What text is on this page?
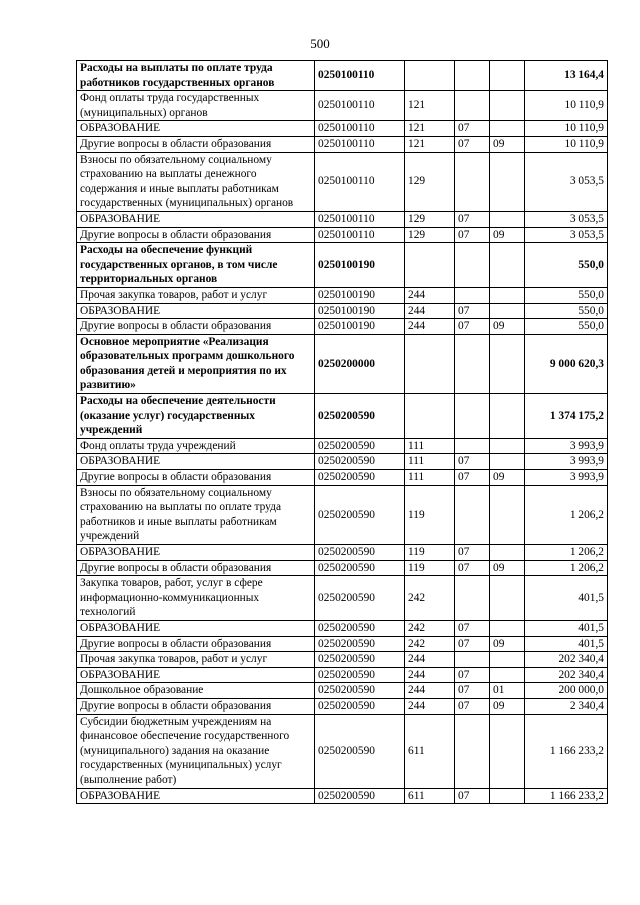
500
Расходы на выплаты по оплате труда работников государственных органов	0250100110				13 164,4
Фонд оплаты труда государственных (муниципальных) органов	0250100110	121			10 110,9
ОБРАЗОВАНИЕ	0250100110	121	07		10 110,9
Другие вопросы в области образования	0250100110	121	07	09	10 110,9
Взносы по обязательному социальному страхованию на выплаты денежного содержания и иные выплаты работникам государственных (муниципальных) органов	0250100110	129			3 053,5
ОБРАЗОВАНИЕ	0250100110	129	07		3 053,5
Другие вопросы в области образования	0250100110	129	07	09	3 053,5
Расходы на обеспечение функций государственных органов, в том числе территориальных органов	0250100190				550,0
Прочая закупка товаров, работ и услуг	0250100190	244			550,0
ОБРАЗОВАНИЕ	0250100190	244	07		550,0
Другие вопросы в области образования	0250100190	244	07	09	550,0
Основное мероприятие «Реализация образовательных программ дошкольного образования детей и мероприятия по их развитию»	0250200000				9 000 620,3
Расходы на обеспечение деятельности (оказание услуг) государственных учреждений	0250200590				1 374 175,2
Фонд оплаты труда учреждений	0250200590	111			3 993,9
ОБРАЗОВАНИЕ	0250200590	111	07		3 993,9
Другие вопросы в области образования	0250200590	111	07	09	3 993,9
Взносы по обязательному социальному страхованию на выплаты по оплате труда работников и иные выплаты работникам учреждений	0250200590	119			1 206,2
ОБРАЗОВАНИЕ	0250200590	119	07		1 206,2
Другие вопросы в области образования	0250200590	119	07	09	1 206,2
Закупка товаров, работ, услуг в сфере информационно-коммуникационных технологий	0250200590	242			401,5
ОБРАЗОВАНИЕ	0250200590	242	07		401,5
Другие вопросы в области образования	0250200590	242	07	09	401,5
Прочая закупка товаров, работ и услуг	0250200590	244			202 340,4
ОБРАЗОВАНИЕ	0250200590	244	07		202 340,4
Дошкольное образование	0250200590	244	07	01	200 000,0
Другие вопросы в области образования	0250200590	244	07	09	2 340,4
Субсидии бюджетным учреждениям на финансовое обеспечение государственного (муниципального) задания на оказание государственных (муниципальных) услуг (выполнение работ)	0250200590	611			1 166 233,2
ОБРАЗОВАНИЕ	0250200590	611	07		1 166 233,2
